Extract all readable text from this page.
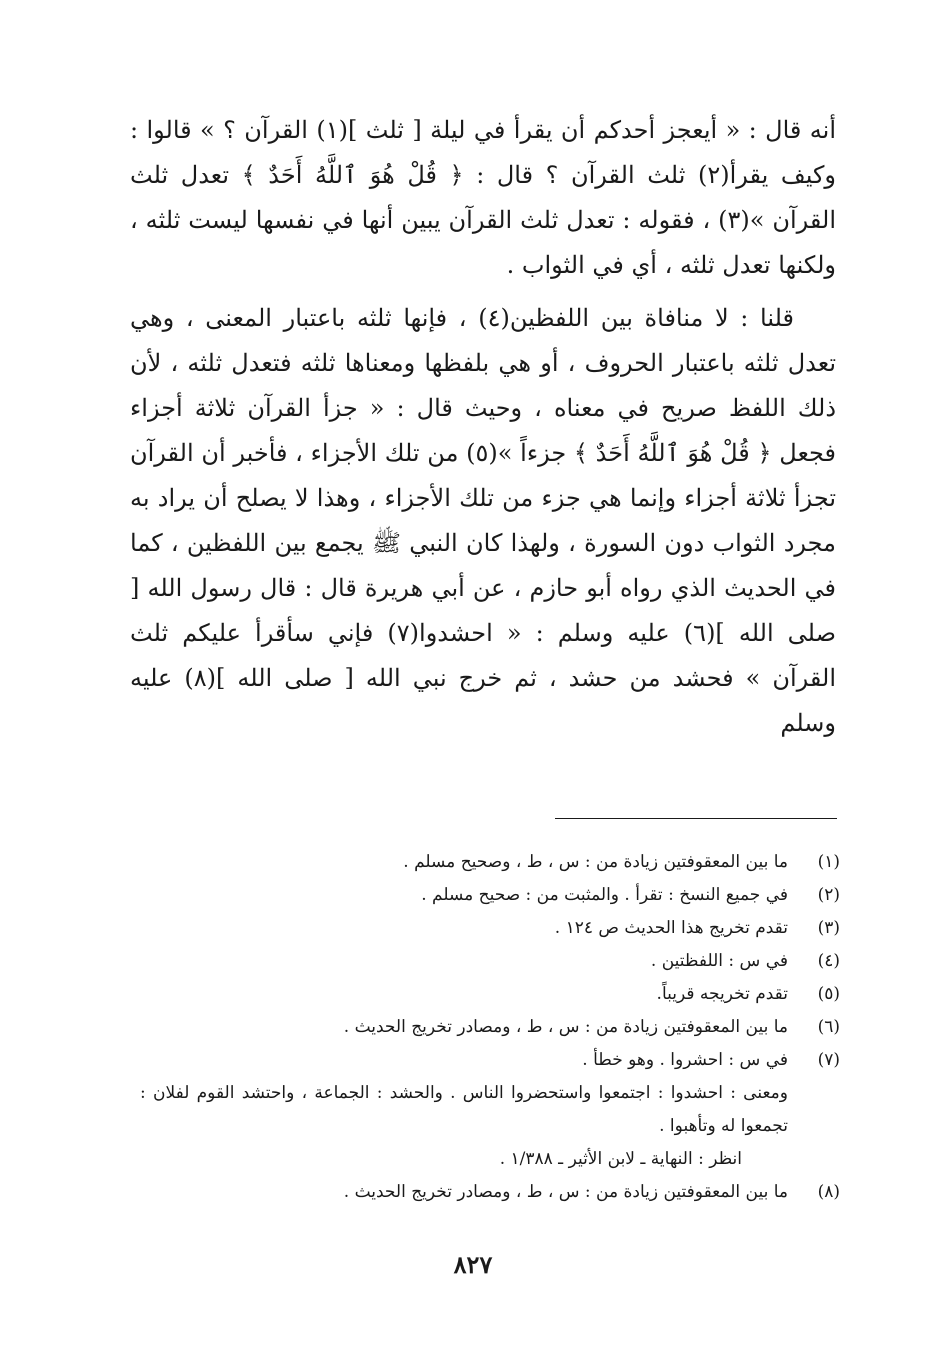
أنه قال : « أيعجز أحدكم أن يقرأ في ليلة [ ثلث ](١) القرآن ؟ » قالوا : وكيف يقرأ(٢) ثلث القرآن ؟ قال : ﴿ قُلْ هُوَ ٱللَّهُ أَحَدٌ ﴾ تعدل ثلث القرآن »(٣) ، فقوله : تعدل ثلث القرآن يبين أنها في نفسها ليست ثلثه ، ولكنها تعدل ثلثه ، أي في الثواب .

قلنا : لا منافاة بين اللفظين(٤) ، فإنها ثلثه باعتبار المعنى ، وهي تعدل ثلثه باعتبار الحروف ، أو هي بلفظها ومعناها ثلثه فتعدل ثلثه ، لأن ذلك اللفظ صريح في معناه ، وحيث قال : « جزأ القرآن ثلاثة أجزاء فجعل ﴿ قُلْ هُوَ ٱللَّهُ أَحَدٌ ﴾ جزءاً »(٥) من تلك الأجزاء ، فأخبر أن القرآن تجزأ ثلاثة أجزاء وإنما هي جزء من تلك الأجزاء ، وهذا لا يصلح أن يراد به مجرد الثواب دون السورة ، ولهذا كان النبي ﷺ يجمع بين اللفظين ، كما في الحديث الذي رواه أبو حازم ، عن أبي هريرة قال : قال رسول الله [ صلى الله ](٦) عليه وسلم : « احشدوا(٧) فإني سأقرأ عليكم ثلث القرآن » فحشد من حشد ، ثم خرج نبي الله [ صلى الله ](٨) عليه وسلم

(١)
ما بين المعقوفتين زيادة من : س ، ط ، وصحيح مسلم .
(٢)
في جميع النسخ : تقرأ . والمثبت من : صحيح مسلم .
(٣)
تقدم تخريج هذا الحديث ص ١٢٤ .
(٤)
في س : اللفظتين .
(٥)
تقدم تخريجه قريباً.
(٦)
ما بين المعقوفتين زيادة من : س ، ط ، ومصادر تخريج الحديث .
(٧)
في س : احشروا . وهو خطأ .
ومعنى : احشدوا : اجتمعوا واستحضروا الناس . والحشد : الجماعة ، واحتشد القوم لفلان : تجمعوا له وتأهبوا .
انظر : النهاية ـ لابن الأثير ـ ١/٣٨٨ .
(٨)
ما بين المعقوفتين زيادة من : س ، ط ، ومصادر تخريج الحديث .
٨٢٧
